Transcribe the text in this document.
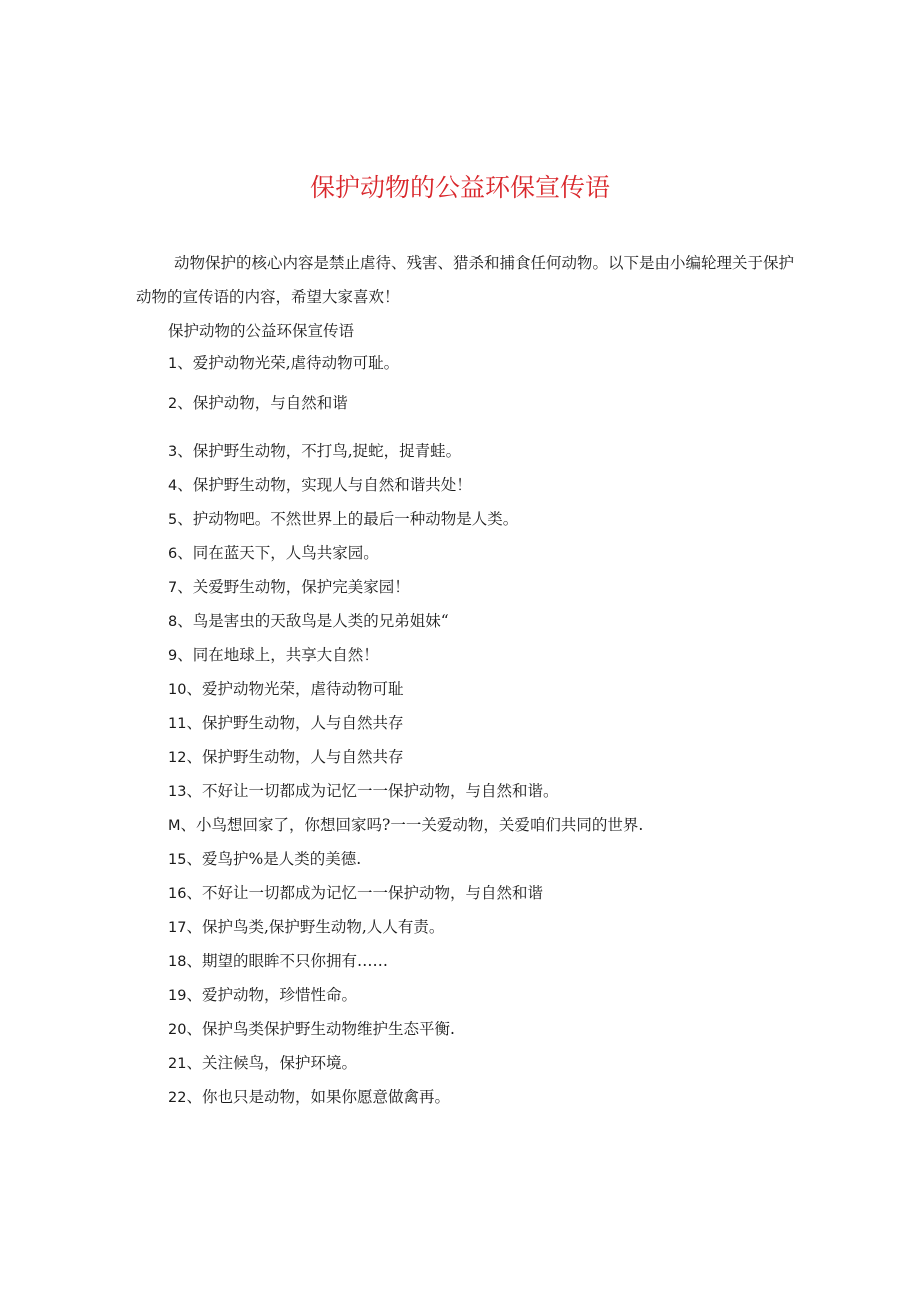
保护动物的公益环保宣传语
动物保护的核心内容是禁止虐待、残害、猎杀和捕食任何动物。以下是由小编轮理关于保护动物的宣传语的内容，希望大家喜欢！
保护动物的公益环保宣传语
1、爱护动物光荣,虐待动物可耻。
2、保护动物，与自然和谐
3、保护野生动物，不打鸟,捉蛇，捉青蛙。
4、保护野生动物，实现人与自然和谐共处！
5、护动物吧。不然世界上的最后一种动物是人类。
6、同在蓝天下，人鸟共家园。
7、关爱野生动物，保护完美家园！
8、鸟是害虫的天敌鸟是人类的兄弟姐妹“
9、同在地球上，共享大自然！
10、爱护动物光荣，虐待动物可耻
11、保护野生动物，人与自然共存
12、保护野生动物，人与自然共存
13、不好让一切都成为记忆一一保护动物，与自然和谐。
M、小鸟想回家了，你想回家吗?一一关爱动物，关爱咱们共同的世界.
15、爱鸟护%是人类的美德.
16、不好让一切都成为记忆一一保护动物，与自然和谐
17、保护鸟类,保护野生动物,人人有责。
18、期望的眼眸不只你拥有……
19、爱护动物，珍惜性命。
20、保护鸟类保护野生动物维护生态平衡.
21、关注候鸟，保护环境。
22、你也只是动物，如果你愿意做禽再。
